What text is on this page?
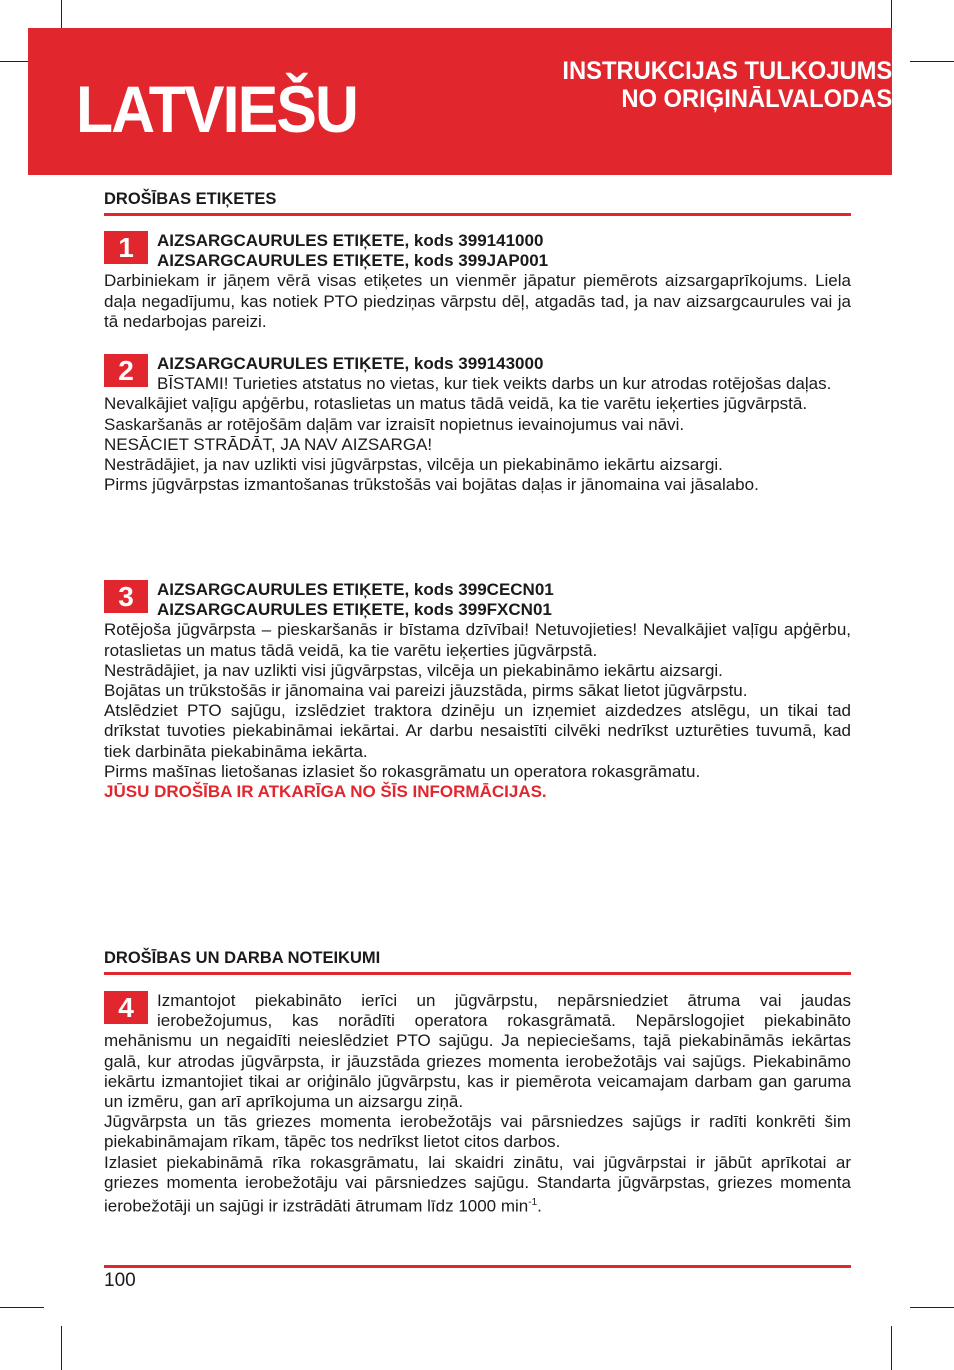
LATVIEŠU
INSTRUKCIJAS TULKOJUMS
NO ORIĢINĀLVALODAS
DROŠĪBAS ETIĶETES
1	AIZSARGCAURULES ETIĶETE, kods 399141000
AIZSARGCAURULES ETIĶETE, kods 399JAP001

Darbiniekam ir jāņem vērā visas etiķetes un vienmēr jāpatur piemērots aizsargaprīkojums. Liela daļa negadījumu, kas notiek PTO piedziņas vārpstu dēļ, atgadās tad, ja nav aizsargcaurules vai ja tā nedarbojas pareizi.

2	AIZSARGCAURULES ETIĶETE, kods 399143000

BĪSTAMI! Turieties atstatus no vietas, kur tiek veikts darbs un kur atrodas rotējošas daļas.

Nevalkājiet vaļīgu apģērbu, rotaslietas un matus tādā veidā, ka tie varētu ieķerties jūgvārpstā.

Saskaršanās ar rotējošām daļām var izraisīt nopietnus ievainojumus vai nāvi.

NESĀCIET STRĀDĀT, JA NAV AIZSARGA!

Nestrādājiet, ja nav uzlikti visi jūgvārpstas, vilcēja un piekabināmo iekārtu aizsargi.

Pirms jūgvārpstas izmantošanas trūkstošās vai bojātas daļas ir jānomaina vai jāsalabo.

3	AIZSARGCAURULES ETIĶETE, kods 399CECN01
AIZSARGCAURULES ETIĶETE, kods 399FXCN01

Rotējoša jūgvārpsta – pieskaršanās ir bīstama dzīvībai! Netuvojieties! Nevalkājiet vaļīgu apģērbu, rotaslietas un matus tādā veidā, ka tie varētu ieķerties jūgvārpstā.

Nestrādājiet, ja nav uzlikti visi jūgvārpstas, vilcēja un piekabināmo iekārtu aizsargi.

Bojātas un trūkstošās ir jānomaina vai pareizi jāuzstāda, pirms sākat lietot jūgvārpstu.

Atslēdziet PTO sajūgu, izslēdziet traktora dzinēju un izņemiet aizdedzes atslēgu, un tikai tad drīkstat tuvoties piekabināmai iekārtai. Ar darbu nesaistīti cilvēki nedrīkst uzturēties tuvumā, kad tiek darbināta piekabināma iekārta.

Pirms mašīnas lietošanas izlasiet šo rokasgrāmatu un operatora rokasgrāmatu.

JŪSU DROŠĪBA IR ATKARĪGA NO ŠĪS INFORMĀCIJAS.

DROŠĪBAS UN DARBA NOTEIKUMI
4	Izmantojot piekabināto ierīci un jūgvārpstu, nepārsniedziet ātruma vai jaudas ierobežojumus, kas norādīti operatora rokasgrāmatā. Nepārslogojiet piekabināto mehānismu un negaidīti neieslēdziet PTO sajūgu. Ja nepieciešams, tajā piekabināmās iekārtas galā, kur atrodas jūgvārpsta, ir jāuzstāda griezes momenta ierobežotājs vai sajūgs. Piekabināmo iekārtu izmantojiet tikai ar oriģinālo jūgvārpstu, kas ir piemērota veicamajam darbam gan garuma un izmēru, gan arī aprīkojuma un aizsargu ziņā.

Jūgvārpsta un tās griezes momenta ierobežotājs vai pārsniedzes sajūgs ir radīti konkrēti šim piekabināmajam rīkam, tāpēc tos nedrīkst lietot citos darbos.

Izlasiet piekabināmā rīka rokasgrāmatu, lai skaidri zinātu, vai jūgvārpstai ir jābūt aprīkotai ar griezes momenta ierobežotāju vai pārsniedzes sajūgu. Standarta jūgvārpstas, griezes momenta ierobežotāji un sajūgi ir izstrādāti ātrumam līdz 1000 $\min^{-1}$.

100
